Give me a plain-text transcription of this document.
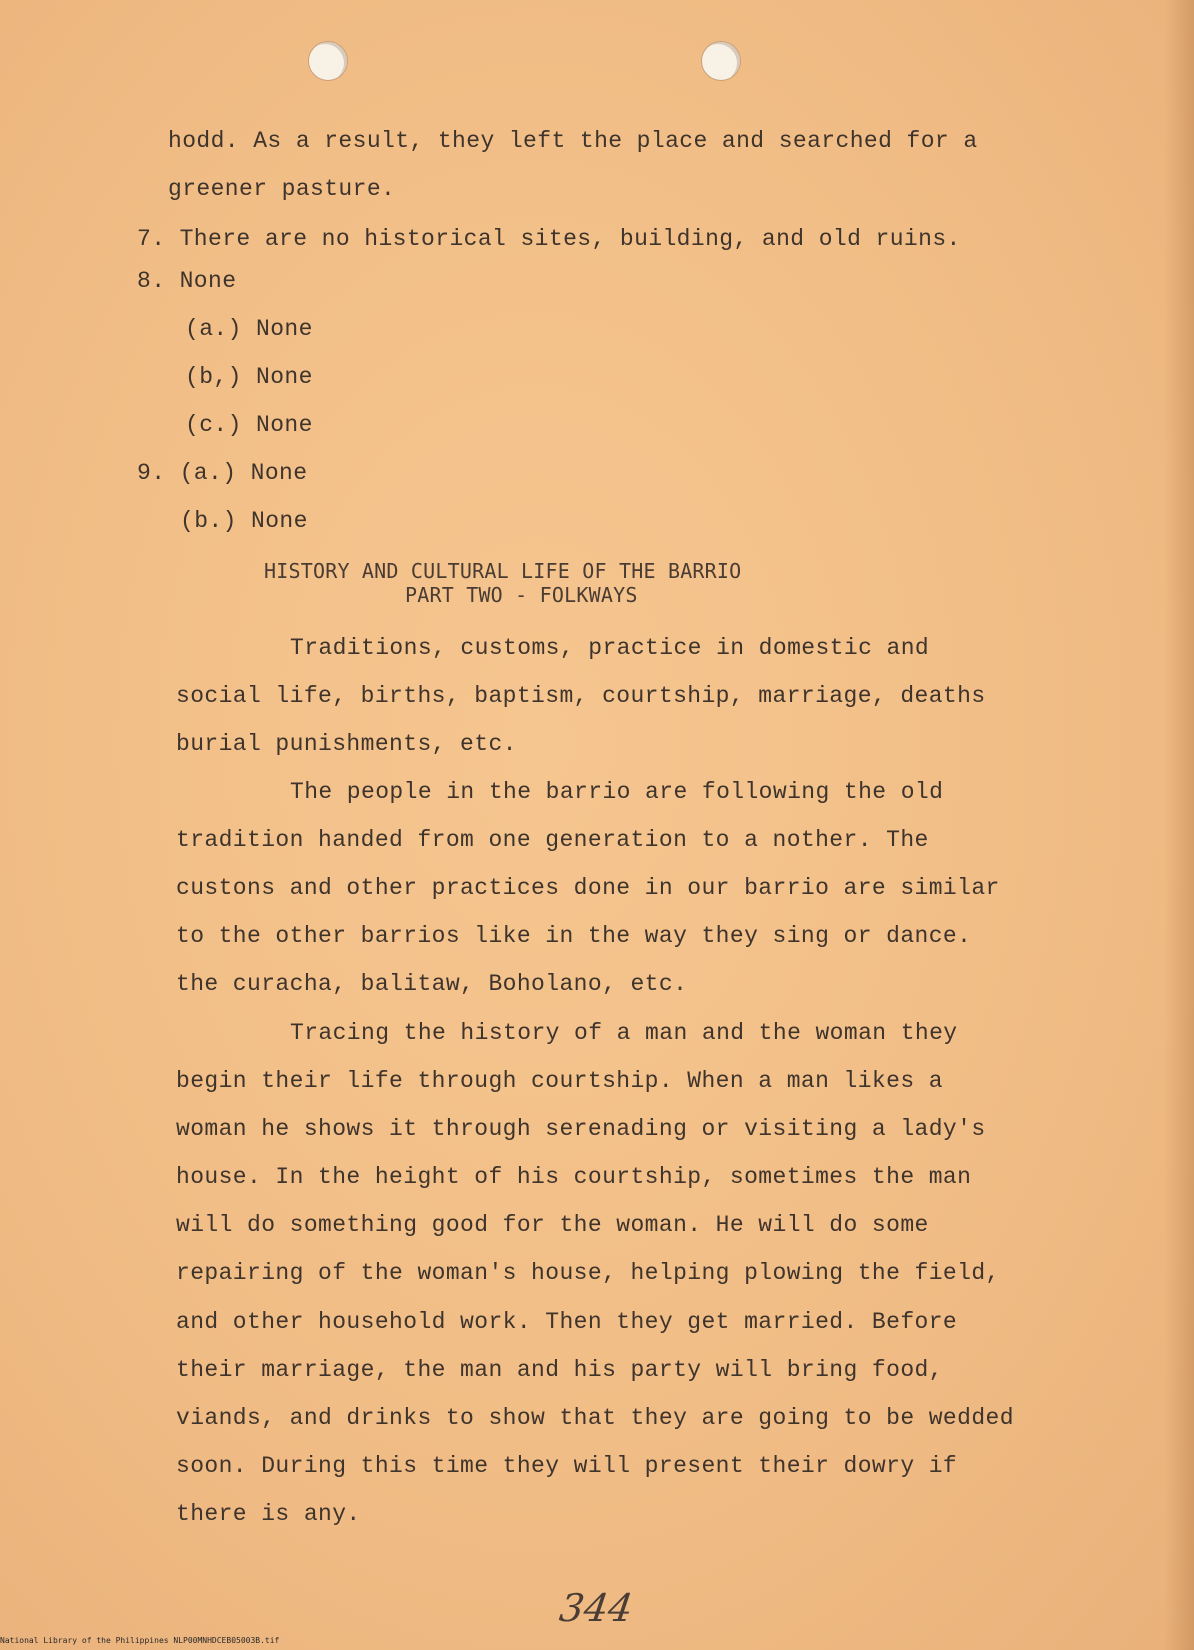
hodd. As a result, they left the place and searched for a
greener pasture.
7. There are no historical sites, building, and old ruins.
8. None
(a.) None
(b,) None
(c.) None
9. (a.) None
(b.) None
HISTORY AND CULTURAL LIFE OF THE BARRIO
PART TWO - FOLKWAYS
Traditions, customs, practice in domestic and
social life, births, baptism, courtship, marriage, deaths
burial punishments, etc.
The people in the barrio are following the old
tradition handed from one generation to a nother. The
custons and other practices done in our barrio are similar
to the other barrios like in the way they sing or dance.
the curacha, balitaw, Boholano, etc.
Tracing the history of a man and the woman they
begin their life through courtship. When a man likes a
woman he shows it through serenading or visiting a lady's
house. In the height of his courtship, sometimes the man
will do something good for the woman. He will do some
repairing of the woman's house, helping plowing the field,
and other household work. Then they get married. Before
their marriage, the man and his party will bring food,
viands, and drinks to show that they are going to be wedded
soon. During this time they will present their dowry if
there is any.
344
National Library of the Philippines NLP00MNHDCEB05003B.tif
